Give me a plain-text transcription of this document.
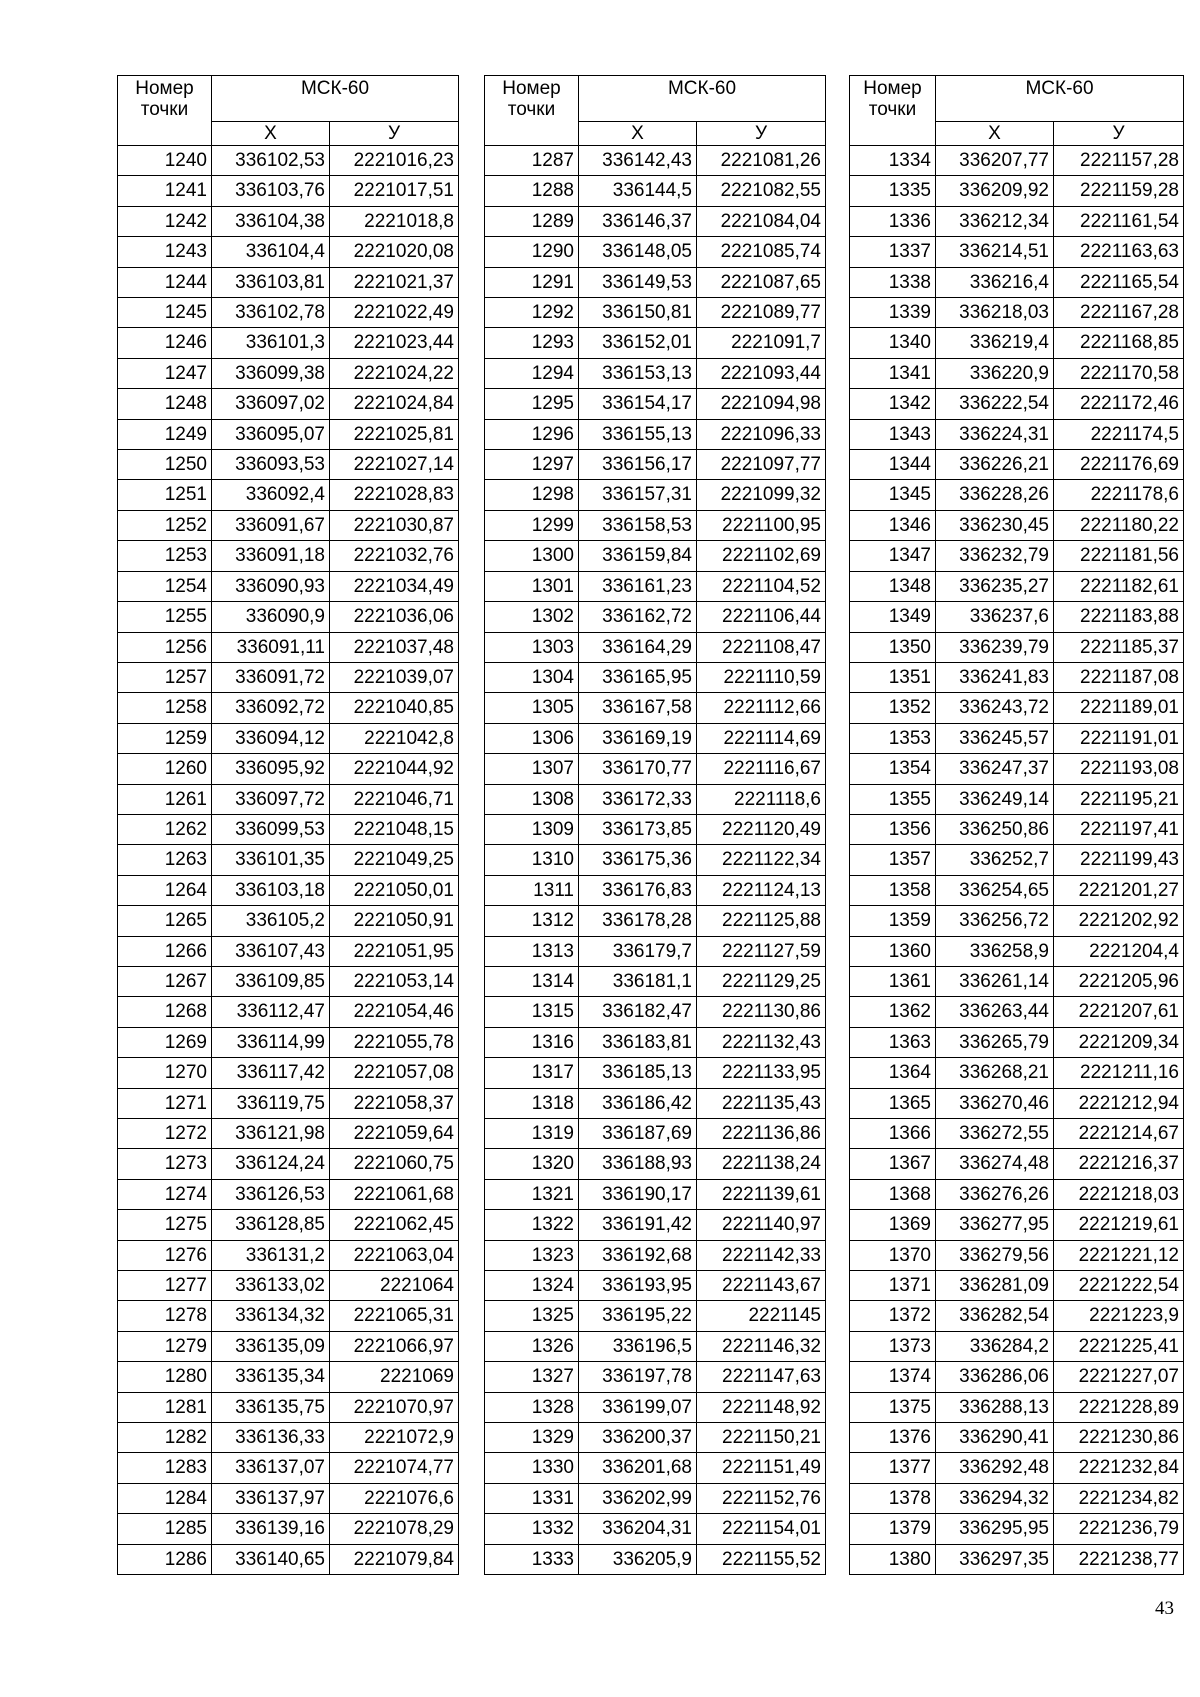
Номер точки	МСК-60	
	Х	У
1240	336102,53	2221016,23
1241	336103,76	2221017,51
1242	336104,38	2221018,8
1243	336104,4	2221020,08
1244	336103,81	2221021,37
1245	336102,78	2221022,49
1246	336101,3	2221023,44
1247	336099,38	2221024,22
1248	336097,02	2221024,84
1249	336095,07	2221025,81
1250	336093,53	2221027,14
1251	336092,4	2221028,83
1252	336091,67	2221030,87
1253	336091,18	2221032,76
1254	336090,93	2221034,49
1255	336090,9	2221036,06
1256	336091,11	2221037,48
1257	336091,72	2221039,07
1258	336092,72	2221040,85
1259	336094,12	2221042,8
1260	336095,92	2221044,92
1261	336097,72	2221046,71
1262	336099,53	2221048,15
1263	336101,35	2221049,25
1264	336103,18	2221050,01
1265	336105,2	2221050,91
1266	336107,43	2221051,95
1267	336109,85	2221053,14
1268	336112,47	2221054,46
1269	336114,99	2221055,78
1270	336117,42	2221057,08
1271	336119,75	2221058,37
1272	336121,98	2221059,64
1273	336124,24	2221060,75
1274	336126,53	2221061,68
1275	336128,85	2221062,45
1276	336131,2	2221063,04
1277	336133,02	2221064
1278	336134,32	2221065,31
1279	336135,09	2221066,97
1280	336135,34	2221069
1281	336135,75	2221070,97
1282	336136,33	2221072,9
1283	336137,07	2221074,77
1284	336137,97	2221076,6
1285	336139,16	2221078,29
1286	336140,65	2221079,84
Номер точки	МСК-60	
	Х	У
1287	336142,43	2221081,26
1288	336144,5	2221082,55
1289	336146,37	2221084,04
1290	336148,05	2221085,74
1291	336149,53	2221087,65
1292	336150,81	2221089,77
1293	336152,01	2221091,7
1294	336153,13	2221093,44
1295	336154,17	2221094,98
1296	336155,13	2221096,33
1297	336156,17	2221097,77
1298	336157,31	2221099,32
1299	336158,53	2221100,95
1300	336159,84	2221102,69
1301	336161,23	2221104,52
1302	336162,72	2221106,44
1303	336164,29	2221108,47
1304	336165,95	2221110,59
1305	336167,58	2221112,66
1306	336169,19	2221114,69
1307	336170,77	2221116,67
1308	336172,33	2221118,6
1309	336173,85	2221120,49
1310	336175,36	2221122,34
1311	336176,83	2221124,13
1312	336178,28	2221125,88
1313	336179,7	2221127,59
1314	336181,1	2221129,25
1315	336182,47	2221130,86
1316	336183,81	2221132,43
1317	336185,13	2221133,95
1318	336186,42	2221135,43
1319	336187,69	2221136,86
1320	336188,93	2221138,24
1321	336190,17	2221139,61
1322	336191,42	2221140,97
1323	336192,68	2221142,33
1324	336193,95	2221143,67
1325	336195,22	2221145
1326	336196,5	2221146,32
1327	336197,78	2221147,63
1328	336199,07	2221148,92
1329	336200,37	2221150,21
1330	336201,68	2221151,49
1331	336202,99	2221152,76
1332	336204,31	2221154,01
1333	336205,9	2221155,52
Номер точки	МСК-60	
	Х	У
1334	336207,77	2221157,28
1335	336209,92	2221159,28
1336	336212,34	2221161,54
1337	336214,51	2221163,63
1338	336216,4	2221165,54
1339	336218,03	2221167,28
1340	336219,4	2221168,85
1341	336220,9	2221170,58
1342	336222,54	2221172,46
1343	336224,31	2221174,5
1344	336226,21	2221176,69
1345	336228,26	2221178,6
1346	336230,45	2221180,22
1347	336232,79	2221181,56
1348	336235,27	2221182,61
1349	336237,6	2221183,88
1350	336239,79	2221185,37
1351	336241,83	2221187,08
1352	336243,72	2221189,01
1353	336245,57	2221191,01
1354	336247,37	2221193,08
1355	336249,14	2221195,21
1356	336250,86	2221197,41
1357	336252,7	2221199,43
1358	336254,65	2221201,27
1359	336256,72	2221202,92
1360	336258,9	2221204,4
1361	336261,14	2221205,96
1362	336263,44	2221207,61
1363	336265,79	2221209,34
1364	336268,21	2221211,16
1365	336270,46	2221212,94
1366	336272,55	2221214,67
1367	336274,48	2221216,37
1368	336276,26	2221218,03
1369	336277,95	2221219,61
1370	336279,56	2221221,12
1371	336281,09	2221222,54
1372	336282,54	2221223,9
1373	336284,2	2221225,41
1374	336286,06	2221227,07
1375	336288,13	2221228,89
1376	336290,41	2221230,86
1377	336292,48	2221232,84
1378	336294,32	2221234,82
1379	336295,95	2221236,79
1380	336297,35	2221238,77
43
